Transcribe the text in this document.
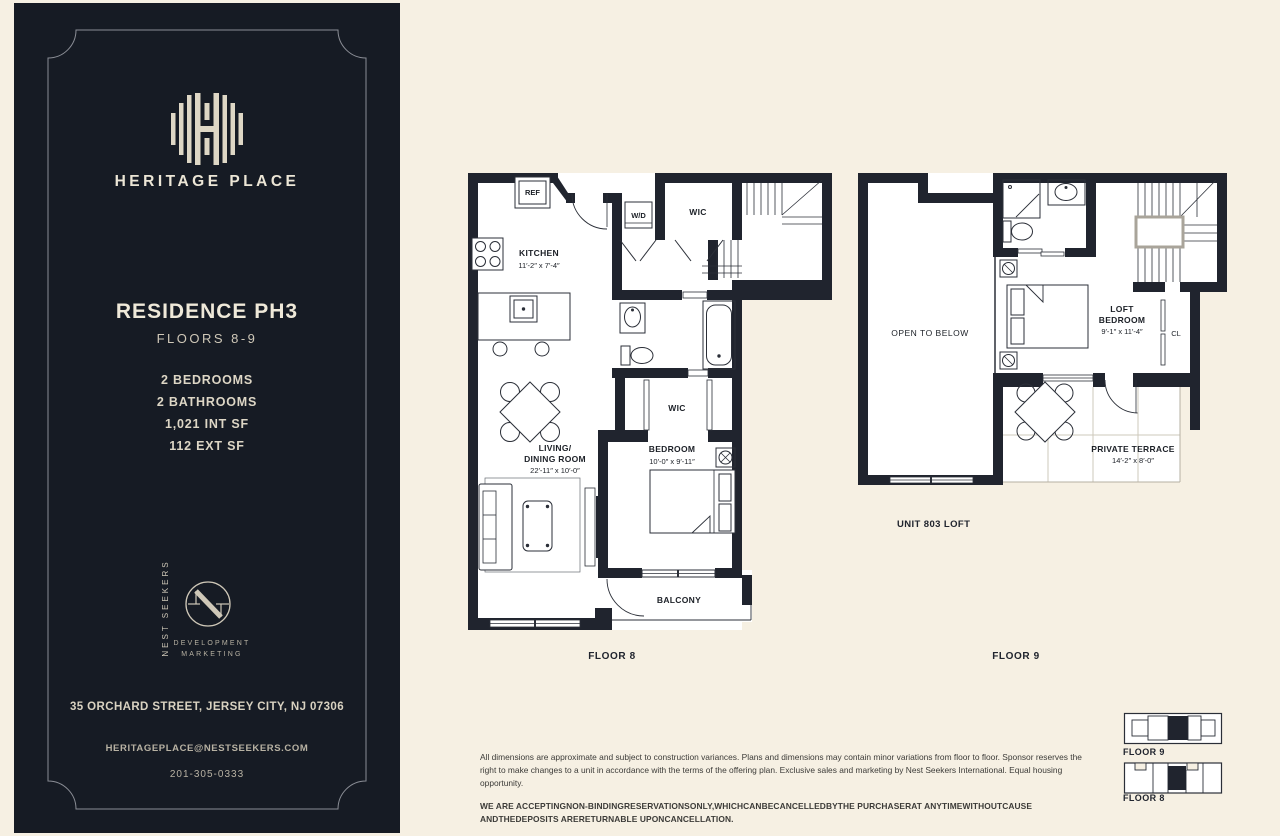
HERITAGE PLACE
RESIDENCE PH3
FLOORS 8-9
2 BEDROOMS
2 BATHROOMS
1,021 INT SF
112 EXT SF
NEST SEEKERS DEVELOPMENT
MARKETING
35 ORCHARD STREET, JERSEY CITY, NJ 07306
HERITAGEPLACE@NESTSEEKERS.COM
201-305-0333
REF
W/D	WIC
KITCHEN
11′-2″ x 7′-4″
WIC
LIVING/
DINING ROOM
22′-11″ x 10′-0″
BEDROOM
10′-0″ x 9′-11″
BALCONY
OPEN TO BELOW
LOFT
BEDROOM
9′-1″ x 11′-4″	CL
PRIVATE TERRACE
14′-2″ x 8′-0″
FLOOR 8	FLOOR 9
UNIT 803 LOFT
FLOOR 9
FLOOR 8

All dimensions are approximate and subject to construction variances. Plans and dimensions may contain minor variations from floor to floor. Sponsor reserves the right to make changes to a unit in accordance with the terms of the offering plan. Exclusive sales and marketing by Nest Seekers International. Equal housing opportunity.

WE ARE ACCEPTINGNON-BINDINGRESERVATIONSONLY,WHICHCANBECANCELLEDBYTHE PURCHASERAT ANYTIMEWITHOUTCAUSE ANDTHEDEPOSITS ARERETURNABLE UPONCANCELLATION.
